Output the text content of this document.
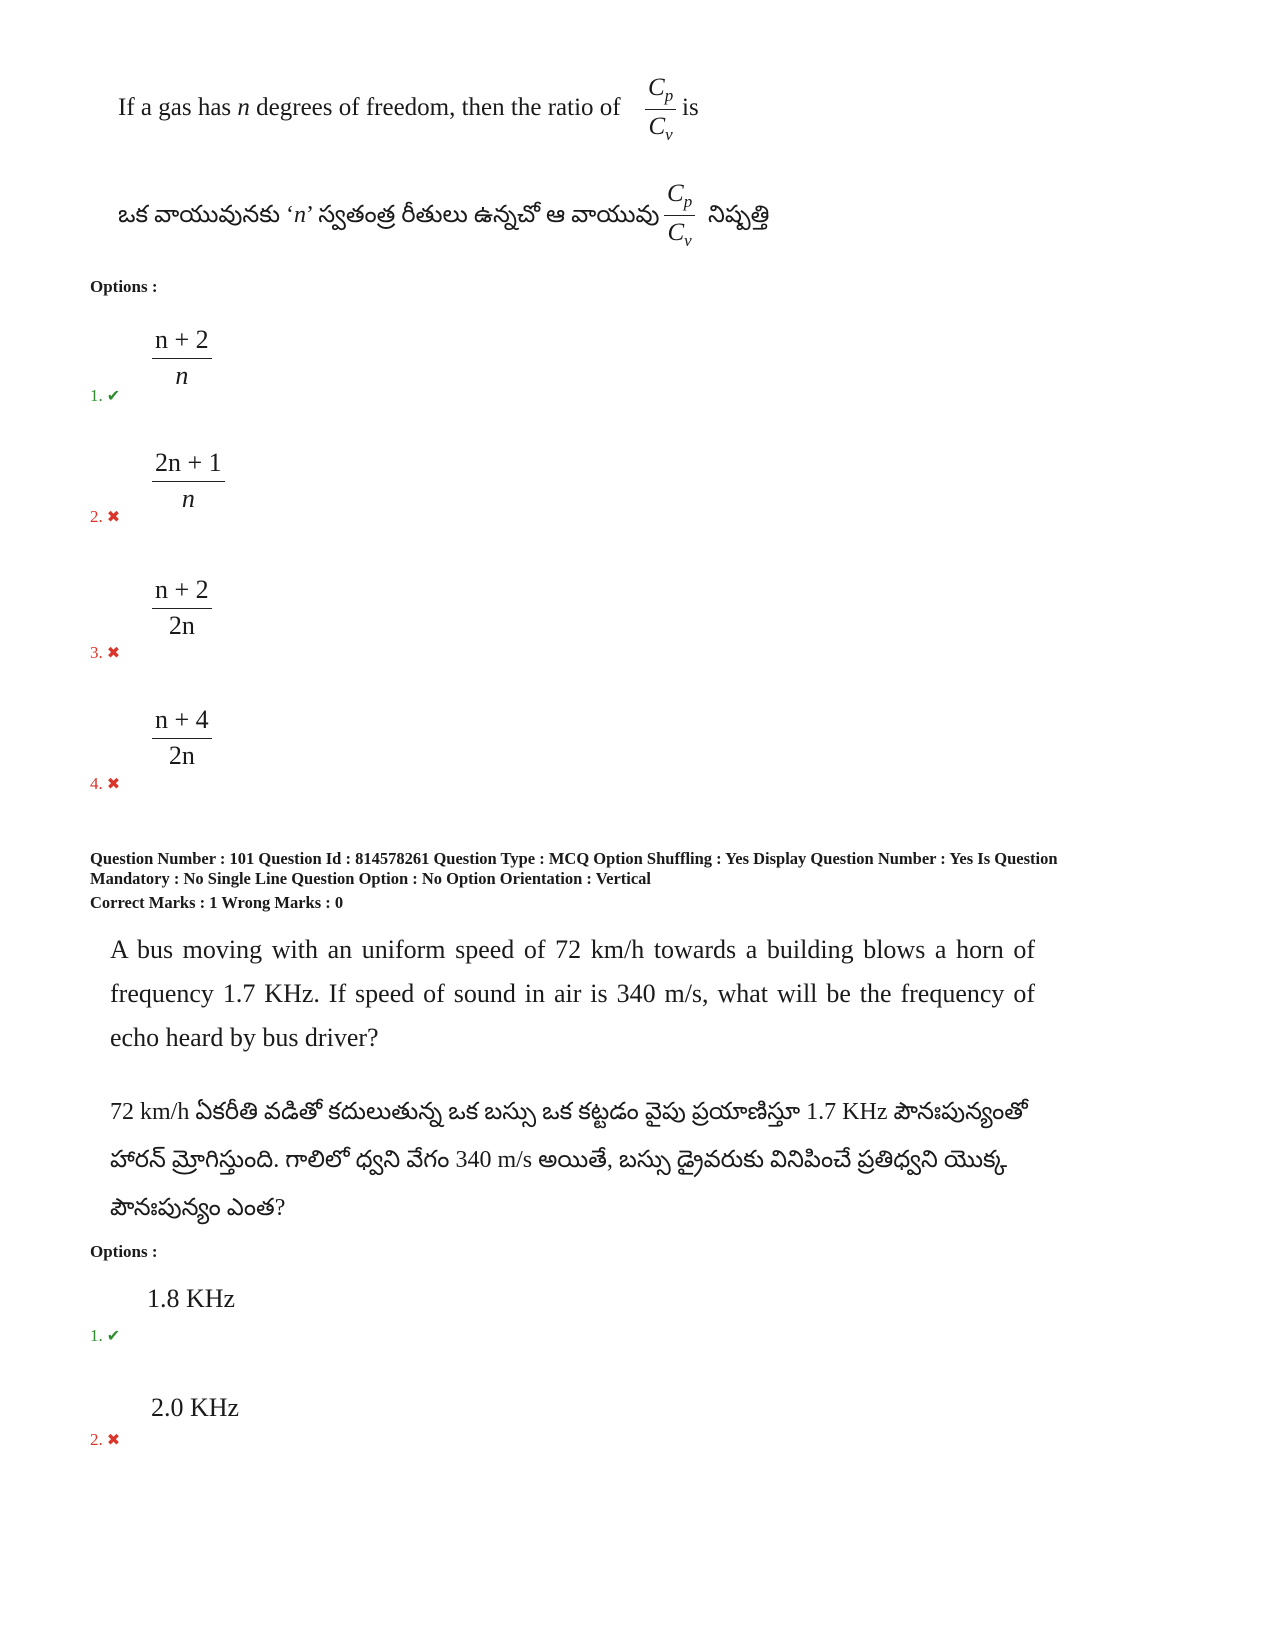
If a gas has n degrees of freedom, then the ratio of
$C_p$
$C_v$
is
ఒక వాయువునకు ‘n’ స్వతంత్ర రీతులు ఉన్నచో ఆ వాయువు
$C_p$
$C_v$
నిష్పత్తి
Options :
n + 2
n
1. ✔
2n + 1
n
2. ✖
n + 2
2n
3. ✖
n + 4
2n
4. ✖
Question Number : 101 Question Id : 814578261 Question Type : MCQ Option Shuffling : Yes Display Question Number : Yes Is Question
Mandatory : No Single Line Question Option : No Option Orientation : Vertical
Correct Marks : 1 Wrong Marks : 0
A bus moving with an uniform speed of 72 km/h towards a building blows a horn of
frequency 1.7 KHz. If speed of sound in air is 340 m/s, what will be the frequency of
echo heard by bus driver?
72 km/h ఏకరీతి వడితో కదులుతున్న ఒక బస్సు ఒక కట్టడం వైపు ప్రయాణిస్తూ 1.7 KHz పౌనఃపున్యంతో
హారన్ మ్రోగిస్తుంది. గాలిలో ధ్వని వేగం 340 m/s అయితే, బస్సు డ్రైవరుకు వినిపించే ప్రతిధ్వని యొక్క
పౌనఃపున్యం ఎంత?
Options :
1.8 KHz
1. ✔
2.0 KHz
2. ✖
